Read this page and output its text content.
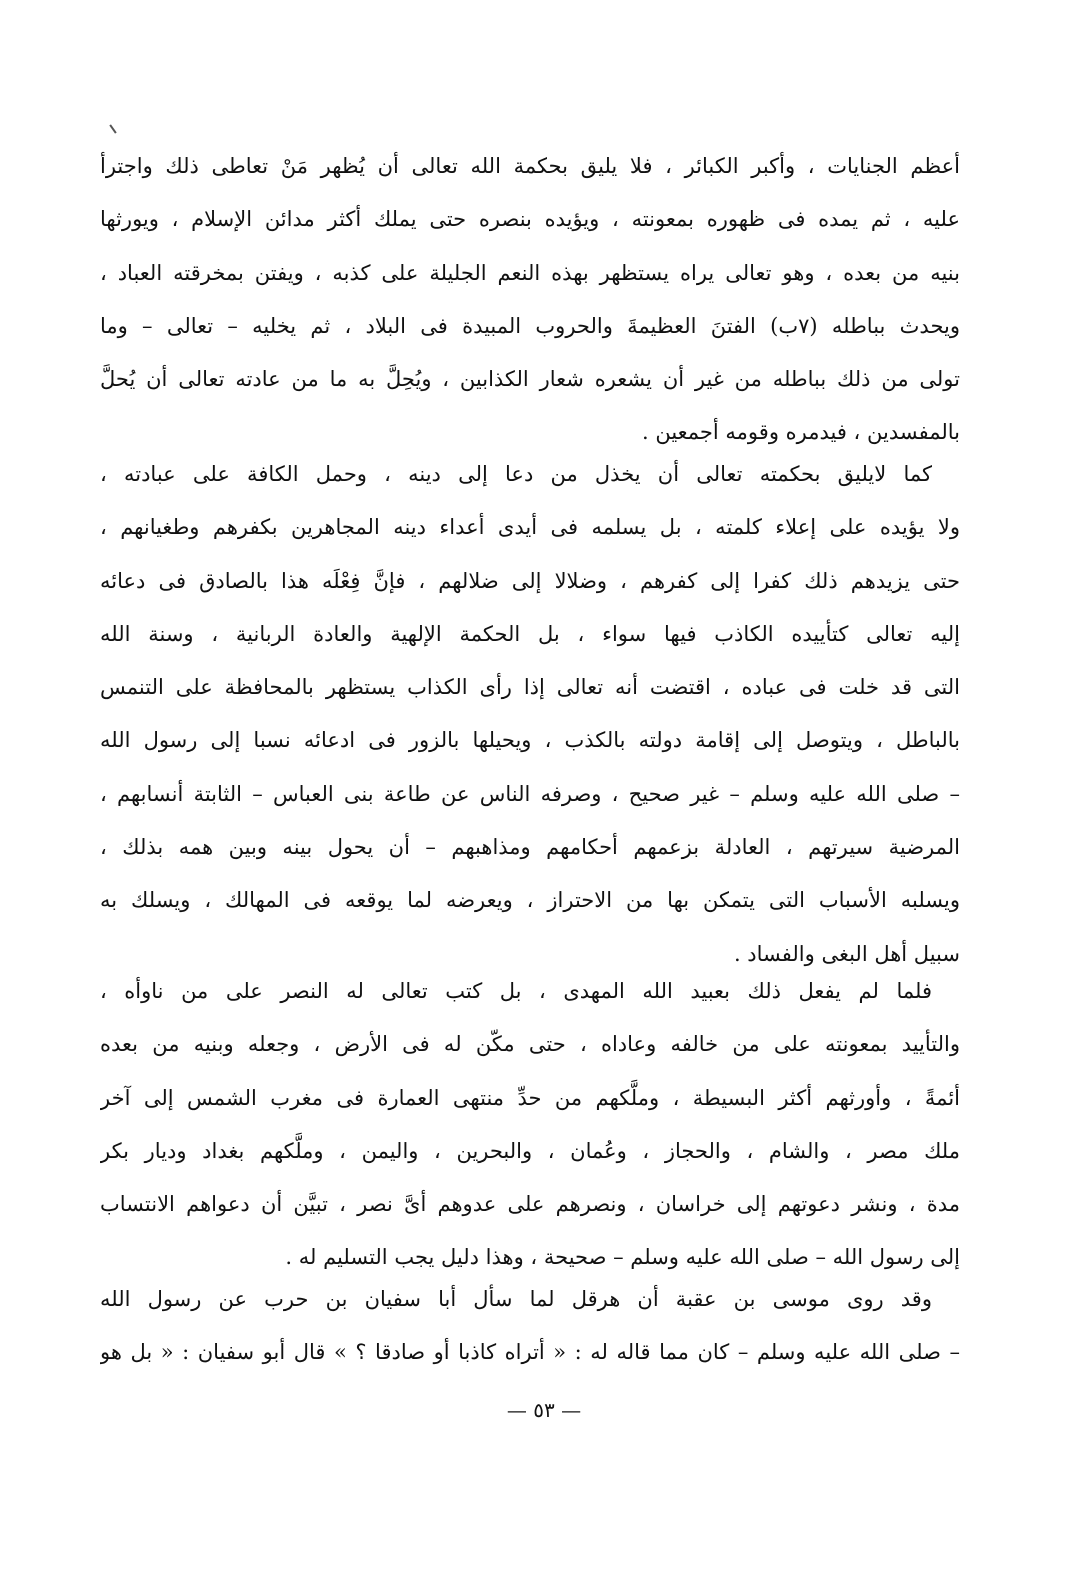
أعظم الجنايات ، وأكبر الكبائر ، فلا يليق بحكمة الله تعالى أن يُظهر مَنْ تعاطى ذلك واجترأ
عليه ، ثم يمده فى ظهوره بمعونته ، ويؤيده بنصره حتى يملك أكثر مدائن الإسلام ، ويورثها
بنيه من بعده ، وهو تعالى يراه يستظهر بهذه النعم الجليلة على كذبه ، ويفتن بمخرقته العباد ،
ويحدث بباطله (٧ب) الفتنَ العظيمةَ والحروب المبيدة فى البلاد ، ثم يخليه – تعالى – وما
تولى من ذلك بباطله من غير أن يشعره شعار الكذابين ، ويُحِلَّ به ما من عادته تعالى أن يُحلَّ
بالمفسدين ، فيدمره وقومه أجمعين .
كما لايليق بحكمته تعالى أن يخذل من دعا إلى دينه ، وحمل الكافة على عبادته ،
ولا يؤيده على إعلاء كلمته ، بل يسلمه فى أيدى أعداء دينه المجاهرين بكفرهم وطغيانهم ،
حتى يزيدهم ذلك كفرا إلى كفرهم ، وضلالا إلى ضلالهم ، فإنَّ فِعْلَه هذا بالصادق فى دعائه
إليه تعالى كتأييده الكاذب فيها سواء ، بل الحكمة الإلهية والعادة الربانية ، وسنة الله
التى قد خلت فى عباده ، اقتضت أنه تعالى إذا رأى الكذاب يستظهر بالمحافظة على التنمس
بالباطل ، ويتوصل إلى إقامة دولته بالكذب ، ويحيلها بالزور فى ادعائه نسبا إلى رسول الله
– صلى الله عليه وسلم – غير صحيح ، وصرفه الناس عن طاعة بنى العباس – الثابتة أنسابهم ،
المرضية سيرتهم ، العادلة بزعمهم أحكامهم ومذاهبهم – أن يحول بينه وبين همه بذلك ،
ويسلبه الأسباب التى يتمكن بها من الاحتراز ، ويعرضه لما يوقعه فى المهالك ، ويسلك به
سبيل أهل البغى والفساد .
فلما لم يفعل ذلك بعبيد الله المهدى ، بل كتب تعالى له النصر على من ناوأه ،
والتأييد بمعونته على من خالفه وعاداه ، حتى مكّن له فى الأرض ، وجعله وبنيه من بعده
أئمةً ، وأورثهم أكثر البسيطة ، وملَّكهم من حدِّ منتهى العمارة فى مغرب الشمس إلى آخر
ملك مصر ، والشام ، والحجاز ، وعُمان ، والبحرين ، واليمن ، وملَّكهم بغداد وديار بكر
مدة ، ونشر دعوتهم إلى خراسان ، ونصرهم على عدوهم أىَّ نصر ، تبيَّن أن دعواهم الانتساب
إلى رسول الله – صلى الله عليه وسلم – صحيحة ، وهذا دليل يجب التسليم له .
وقد روى موسى بن عقبة أن هرقل لما سأل أبا سفيان بن حرب عن رسول الله
– صلى الله عليه وسلم – كان مما قاله له : « أتراه كاذبا أو صادقا ؟ » قال أبو سفيان : « بل هو
— ٥٣ —
